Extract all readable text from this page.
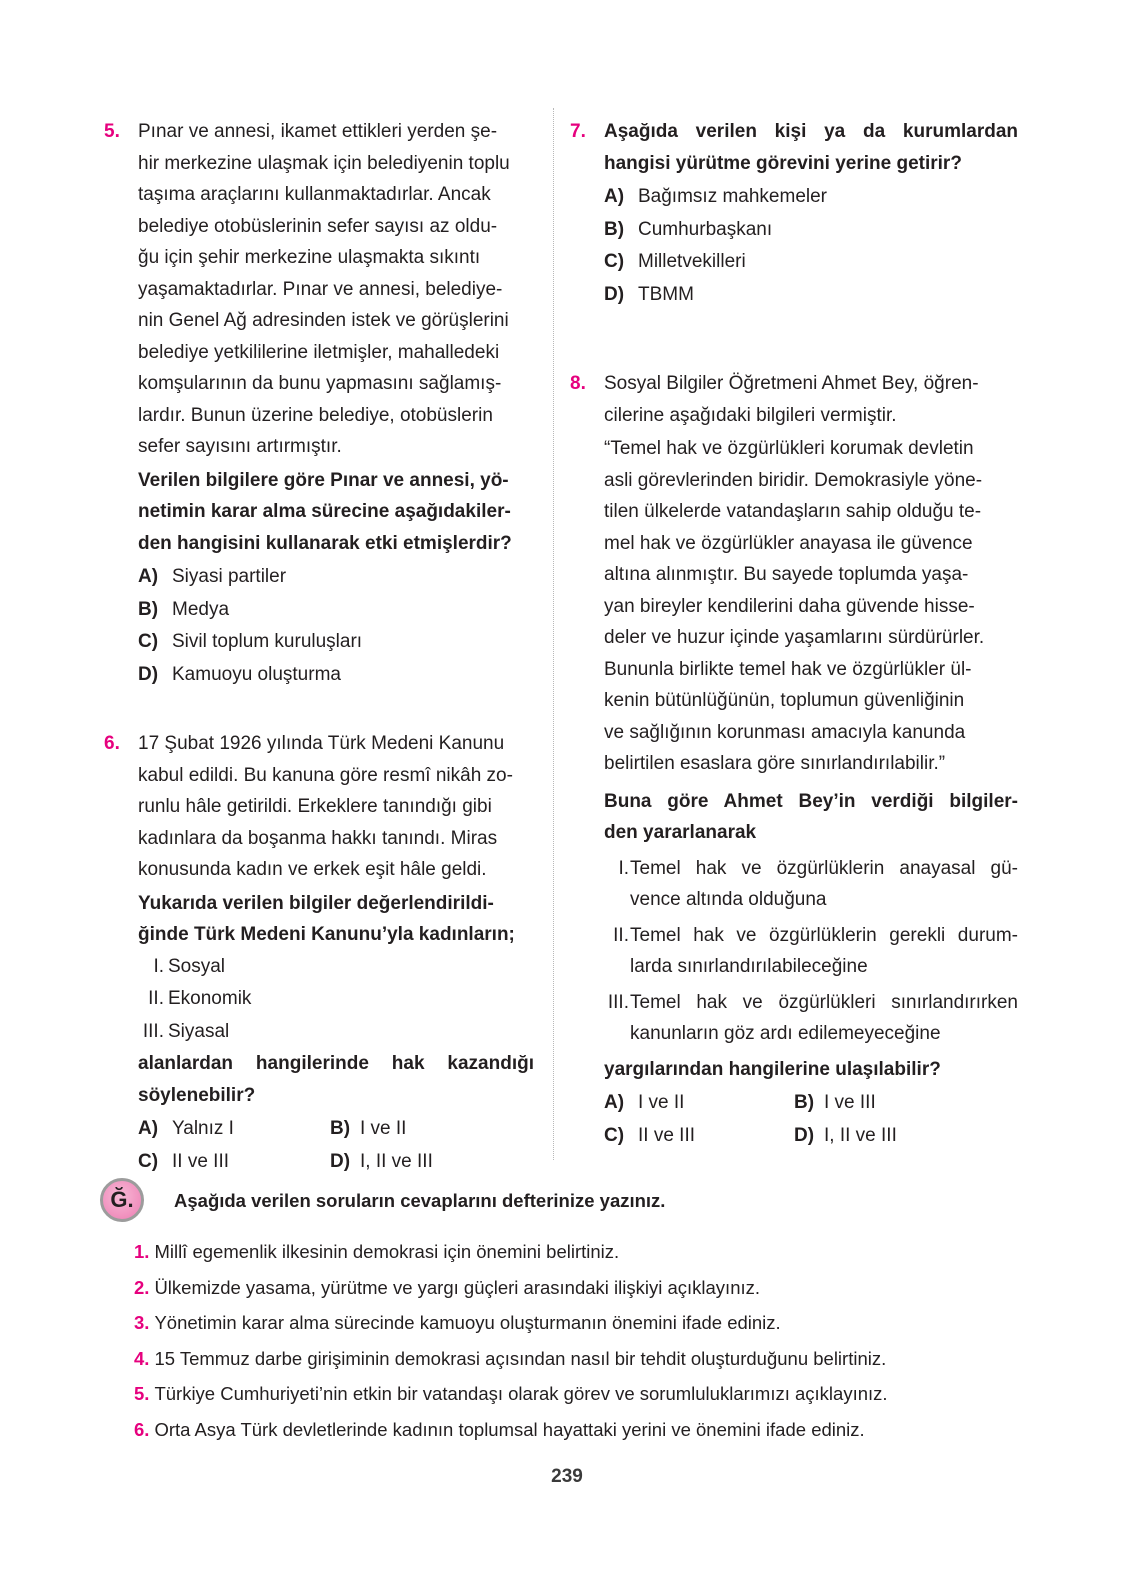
5. Pınar ve annesi, ikamet ettikleri yerden şe-
hir merkezine ulaşmak için belediyenin toplu
taşıma araçlarını kullanmaktadırlar. Ancak
belediye otobüslerinin sefer sayısı az oldu-
ğu için şehir merkezine ulaşmakta sıkıntı
yaşamaktadırlar. Pınar ve annesi, belediye-
nin Genel Ağ adresinden istek ve görüşlerini
belediye yetkililerine iletmişler, mahalledeki
komşularının da bunu yapmasını sağlamış-
lardır. Bunun üzerine belediye, otobüslerin
sefer sayısını artırmıştır.

Verilen bilgilere göre Pınar ve annesi, yö-
netimin karar alma sürecine aşağıdakiler-
den hangisini kullanarak etki etmişlerdir?

A) Siyasi partiler
B) Medya
C) Sivil toplum kuruluşları
D) Kamuoyu oluşturma
6. 17 Şubat 1926 yılında Türk Medeni Kanunu
kabul edildi. Bu kanuna göre resmî nikâh zo-
runlu hâle getirildi. Erkeklere tanındığı gibi
kadınlara da boşanma hakkı tanındı. Miras
konusunda kadın ve erkek eşit hâle geldi.

Yukarıda verilen bilgiler değerlendirildi-
ğinde Türk Medeni Kanunu’yla kadınların;

I. Sosyal
II. Ekonomik
III. Siyasal

alanlardan hangilerinde hak kazandığı
söylenebilir?

A) Yalnız I	B) I ve II
C) II ve III	D) I, II ve III
7. Aşağıda verilen kişi ya da kurumlardan
hangisi yürütme görevini yerine getirir?

A) Bağımsız mahkemeler
B) Cumhurbaşkanı
C) Milletvekilleri
D) TBMM
8. Sosyal Bilgiler Öğretmeni Ahmet Bey, öğren-
cilerine aşağıdaki bilgileri vermiştir.

“Temel hak ve özgürlükleri korumak devletin
asli görevlerinden biridir. Demokrasiyle yöne-
tilen ülkelerde vatandaşların sahip olduğu te-
mel hak ve özgürlükler anayasa ile güvence
altına alınmıştır. Bu sayede toplumda yaşa-
yan bireyler kendilerini daha güvende hisse-
deler ve huzur içinde yaşamlarını sürdürürler.
Bununla birlikte temel hak ve özgürlükler ül-
kenin bütünlüğünün, toplumun güvenliğinin
ve sağlığının korunması amacıyla kanunda
belirtilen esaslara göre sınırlandırılabilir.”

Buna göre Ahmet Bey’in verdiği bilgiler-
den yararlanarak

I. Temel hak ve özgürlüklerin anayasal gü-
vence altında olduğuna
II. Temel hak ve özgürlüklerin gerekli durum-
larda sınırlandırılabileceğine
III. Temel hak ve özgürlükleri sınırlandırırken
kanunların göz ardı edilemeyeceğine

yargılarından hangilerine ulaşılabilir?

A) I ve II	B) I ve III
C) II ve III	D) I, II ve III
Ğ.	Aşağıda verilen soruların cevaplarını defterinize yazınız.
1. Millî egemenlik ilkesinin demokrasi için önemini belirtiniz.
2. Ülkemizde yasama, yürütme ve yargı güçleri arasındaki ilişkiyi açıklayınız.
3. Yönetimin karar alma sürecinde kamuoyu oluşturmanın önemini ifade ediniz.
4. 15 Temmuz darbe girişiminin demokrasi açısından nasıl bir tehdit oluşturduğunu belirtiniz.
5. Türkiye Cumhuriyeti’nin etkin bir vatandaşı olarak görev ve sorumluluklarımızı açıklayınız.
6. Orta Asya Türk devletlerinde kadının toplumsal hayattaki yerini ve önemini ifade ediniz.
239
